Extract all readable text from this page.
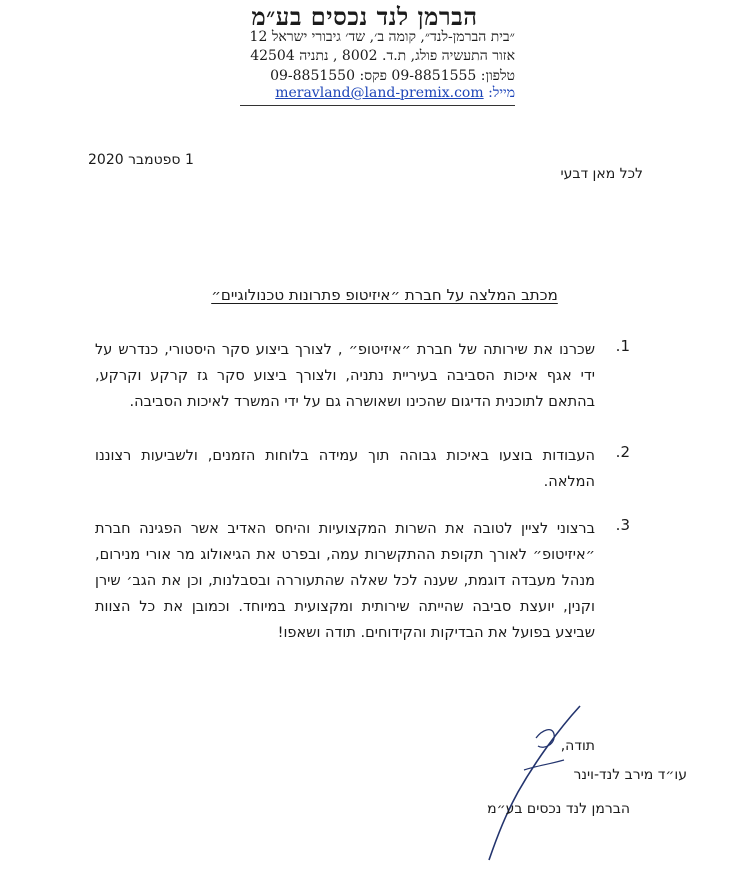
הברמן לנד נכסים בע״מ
״בית הברמן-לנד״, קומה ב׳, שד׳ גיבורי ישראל 12
אזור התעשיה פולג, ת.ד. 8002 , נתניה 42504
טלפון: 09-8851555 פקס: 09-8851550
מייל: meravland@land-premix.com
1 ספטמבר 2020
לכל מאן דבעי
מכתב המלצה על חברת ״איזיטופ פתרונות טכנולוגיים״
1.
שכרנו את שירותה של חברת ״איזיטופ״ , לצורך ביצוע סקר היסטורי, כנדרש על ידי אגף איכות הסביבה בעיריית נתניה, ולצורך ביצוע סקר גז קרקע וקרקע, בהתאם לתוכנית הדיגום שהכינו ושאושרה גם על ידי המשרד לאיכות הסביבה.
2.
העבודות בוצעו באיכות גבוהה תוך עמידה בלוחות הזמנים, ולשביעות רצוננו המלאה.
3.
ברצוני לציין לטובה את השרות המקצועיות והיחס האדיב אשר הפגינה חברת ״איזיטופ״ לאורך תקופת ההתקשרות עמה, ובפרט את הגיאולוג מר אורי מנירום, מנהל מעבדה דוגמת, שענה לכל שאלה שהתעוררה ובסבלנות, וכן את הגב׳ שירן וקנין, יועצת סביבה שהייתה שירותית ומקצועית במיוחד. וכמובן את כל הצוות שביצע בפועל את הבדיקות והקידוחים. תודה ושאפו!
תודה,
עו״ד מירב לנד-וינר
הברמן לנד נכסים בע״מ
